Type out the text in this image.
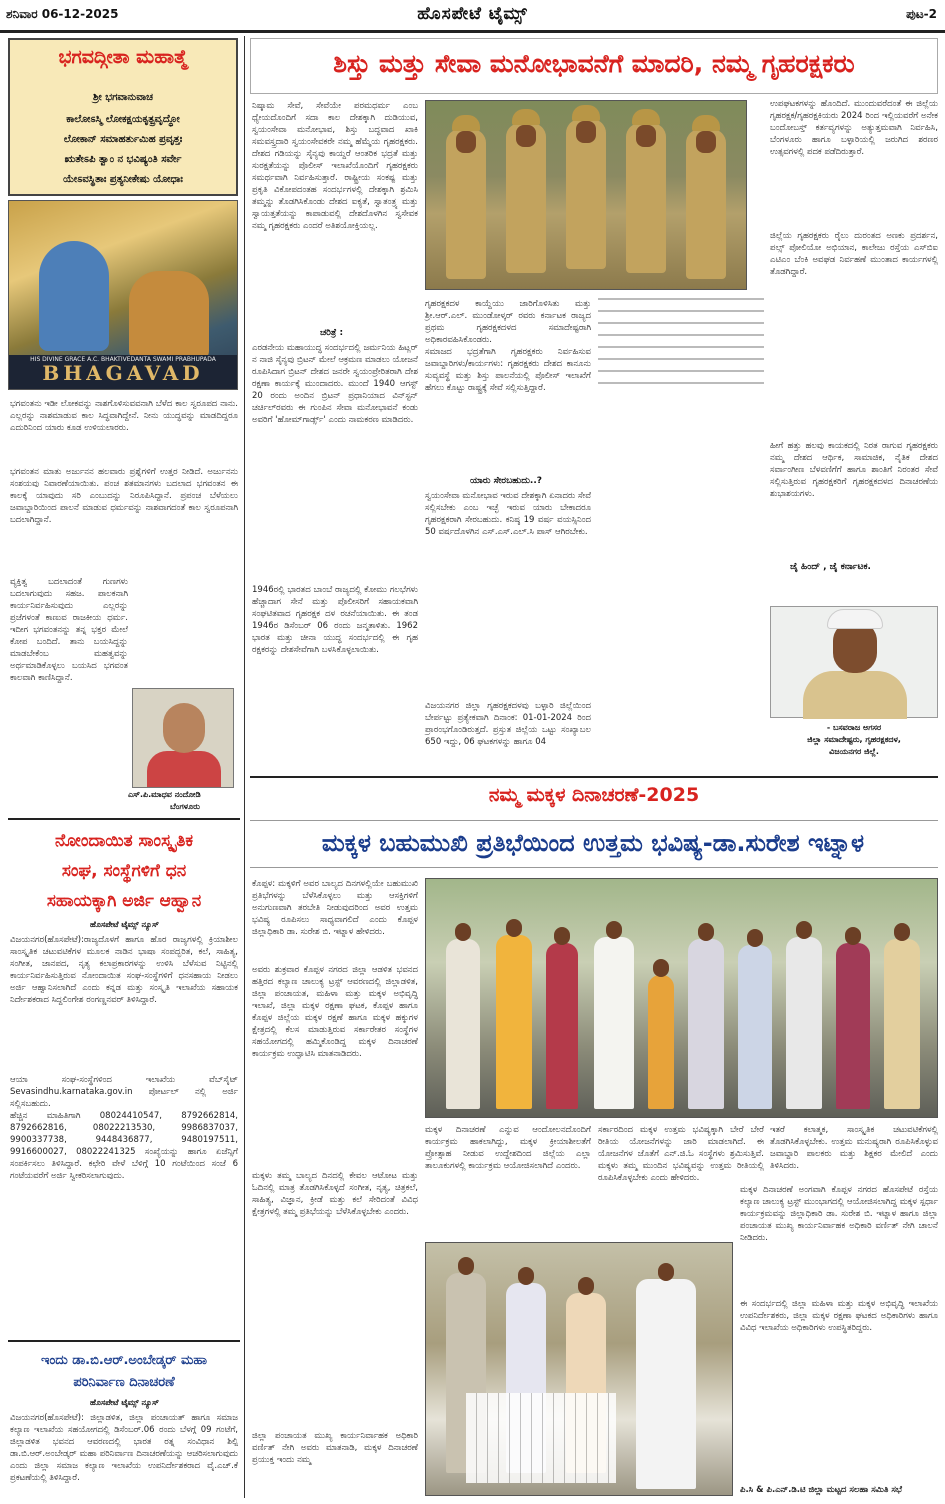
ಶನಿವಾರ 06-12-2025	ಹೊಸಪೇಟೆ ಟೈಮ್ಸ್	ಪುಟ-2
ಭಗವದ್ಗೀತಾ ಮಹಾತ್ಮೆ
ಶ್ರೀ ಭಗವಾನುವಾಚ
ಕಾಲೋಽಸ್ಮಿ ಲೋಕಕ್ಷಯಕೃತ್ಪ್ರವೃದ್ಧೋ
ಲೋಕಾನ್ ಸಮಾಹರ್ತುಮಿಹ ಪ್ರವೃತ್ತಃ
ಋತೇಽಪಿ ತ್ವಾಂ ನ ಭವಿಷ್ಯಂತಿ ಸರ್ವೇ
ಯೇಽವಸ್ಥಿತಾಃ ಪ್ರತ್ಯನೀಕೇಷು ಯೋಧಾಃ
HIS DIVINE GRACE A.C. BHAKTIVEDANTA SWAMI PRABHUPADA
BHAGAVAD
ಭಗವಂತನು ಇಡೀ ಲೋಕವನ್ನು ನಾಶಗೊಳಿಸುವವನಾಗಿ ಬೆಳೆದ ಕಾಲ ಸ್ವರೂಪದ ನಾನು. ಎಲ್ಲರನ್ನು ನಾಶಮಾಡುವ ಕಾಲ ಸಿದ್ಧವಾಗಿದ್ದೇನೆ. ನೀನು ಯುದ್ಧವನ್ನು ಮಾಡದಿದ್ದರೂ ಎದುರಿನಿಂದ ಯಾರು ಕೂಡ ಉಳಿಯಲಾರರು.
ಭಗವಂತನ ಮಾತು ಅರ್ಜುನನ ಹಲವಾರು ಪ್ರಶ್ನೆಗಳಿಗೆ ಉತ್ತರ ನೀಡಿದೆ. ಅರ್ಜುನನು ಸಂಶಯವು ನಿವಾರಣೆಯಾಯಿತು. ಪಂಚ ಶತಮಾನಗಳು ಬದಲಾದ ಭಗವಂತನ ಈ ಕಾಲಕ್ಕೆ ಯಾವುದು ಸರಿ ಎಂಬುದನ್ನು ನಿರೂಪಿಸಿದ್ದಾನೆ. ಪ್ರಪಂಚ ಬೆಳೆಯಲು ಜವಾಬ್ದಾರಿಯಿಂದ ಪಾಲನೆ ಮಾಡುವ ಧರ್ಮವನ್ನು ನಾಶವಾಗದಂತೆ ಕಾಲ ಸ್ವರೂಪನಾಗಿ ಬದಲಾಗಿದ್ದಾನೆ.
ವ್ಯಕ್ತಿತ್ವ ಬದಲಾದಂತೆ ಗುಣಗಳು ಬದಲಾಗುವುದು ಸಹಜ. ಪಾಲಕನಾಗಿ ಕಾರ್ಯನಿರ್ವಹಿಸುವುದು ಎಲ್ಲರನ್ನು ಪ್ರಜೆಗಳಂತೆ ಕಾಣುವ ರಾಜಕೀಯ ಧರ್ಮ. ಇದೀಗ ಭಗವಂತನನ್ನು ತನ್ನ ಭಕ್ತರ ಮೇಲೆ ಕೋಪ ಬಂದಿದೆ. ತಾನು ಬಯಸಿದ್ದನ್ನು ಮಾಡಬೇಕೆಂಬ ಮಹತ್ವವನ್ನು ಅರ್ಥಮಾಡಿಕೊಳ್ಳಲು ಬಯಸಿದ ಭಗವಂತ ಕಾಲವಾಗಿ ಕಾಣಿಸಿದ್ದಾನೆ.
ಎಸ್.ಪಿ.ಮಾಧವ ನಂದೋಡಿ
ಬೆಂಗಳೂರು
ನೋಂದಾಯಿತ ಸಾಂಸ್ಕೃತಿಕ
ಸಂಘ, ಸಂಸ್ಥೆಗಳಿಗೆ ಧನ
ಸಹಾಯಕ್ಕಾಗಿ ಅರ್ಜಿ ಆಹ್ವಾನ
ಹೊಸಪೇಟೆ ಟೈಮ್ಸ್ ನ್ಯೂಸ್
ವಿಜಯನಗರ(ಹೊಸಪೇಟೆ):ರಾಜ್ಯದೊಳಗೆ ಹಾಗೂ ಹೊರ ರಾಜ್ಯಗಳಲ್ಲಿ ಕ್ರಿಯಾಶೀಲ ಸಾಂಸ್ಕೃತಿಕ ಚಟುವಟಿಕೆಗಳ ಮೂಲಕ ನಾಡಿನ ಭಾಷಾ ಸಂಪದ್ಭರಿತ, ಕಲೆ, ಸಾಹಿತ್ಯ, ಸಂಗೀತ, ಜಾನಪದ, ನೃತ್ಯ ಕಲಾಪ್ರಕಾರಗಳನ್ನು ಉಳಿಸಿ ಬೆಳೆಸುವ ನಿಟ್ಟಿನಲ್ಲಿ ಕಾರ್ಯನಿರ್ವಹಿಸುತ್ತಿರುವ ನೋಂದಾಯಿತ ಸಂಘ-ಸಂಸ್ಥೆಗಳಿಗೆ ಧನಸಹಾಯ ನೀಡಲು ಅರ್ಜಿ ಆಹ್ವಾನಿಸಲಾಗಿದೆ ಎಂದು ಕನ್ನಡ ಮತ್ತು ಸಂಸ್ಕೃತಿ ಇಲಾಖೆಯ ಸಹಾಯಕ ನಿರ್ದೇಶಕರಾದ ಸಿದ್ದಲಿಂಗೇಶ ರಂಗಣ್ಣನವರ್ ತಿಳಿಸಿದ್ದಾರೆ.
ಆಯಾ ಸಂಘ-ಸಂಸ್ಥೆಗಳಿಂದ ಇಲಾಖೆಯ ವೆಬ್‌ಸೈಟ್ Sevasindhu.karnataka.gov.in ಪೋರ್ಟಲ್ ನಲ್ಲಿ ಅರ್ಜಿ ಸಲ್ಲಿಸಬಹುದು.
ಹೆಚ್ಚಿನ ಮಾಹಿತಿಗಾಗಿ 08024410547, 8792662814, 8792662816, 08022213530, 9986837037, 9900337738, 9448436877, 9480197511, 9916600027, 08022241325 ಸಂಖ್ಯೆಯನ್ನು ಹಾಗೂ ಏಜೆನ್ಸಿಗೆ ಸಂಪರ್ಕಿಸಲು ತಿಳಿಸಿದ್ದಾರೆ. ಕಛೇರಿ ವೇಳೆ ಬೆಳಿಗ್ಗೆ 10 ಗಂಟೆಯಿಂದ ಸಂಜೆ 6 ಗಂಟೆಯವರೆಗೆ ಅರ್ಜಿ ಸ್ವೀಕರಿಸಲಾಗುವುದು.
ಇಂದು ಡಾ.ಬಿ.ಆರ್.ಅಂಬೇಡ್ಕರ್ ಮಹಾ
ಪರಿನಿರ್ವಾಣ ದಿನಾಚರಣೆ
ಹೊಸಪೇಟೆ ಟೈಮ್ಸ್ ನ್ಯೂಸ್
ವಿಜಯನಗರ(ಹೊಸಪೇಟೆ): ಜಿಲ್ಲಾಡಳಿತ, ಜಿಲ್ಲಾ ಪಂಚಾಯತ್ ಹಾಗೂ ಸಮಾಜ ಕಲ್ಯಾಣ ಇಲಾಖೆಯ ಸಹಯೋಗದಲ್ಲಿ ಡಿಸೆಂಬರ್.06 ರಂದು ಬೆಳಗ್ಗೆ 09 ಗಂಟೆಗೆ, ಜಿಲ್ಲಾಡಳಿತ ಭವನದ ಆವರಣದಲ್ಲಿ ಭಾರತ ರತ್ನ ಸಂವಿಧಾನ ಶಿಲ್ಪಿ ಡಾ.ಬಿ.ಆರ್.ಅಂಬೇಡ್ಕರ್ ಮಹಾ ಪರಿನಿರ್ವಾಣ ದಿನಾಚರಣೆಯನ್ನು ಆಚರಿಸಲಾಗುವುದು ಎಂದು ಜಿಲ್ಲಾ ಸಮಾಜ ಕಲ್ಯಾಣ ಇಲಾಖೆಯ ಉಪನಿರ್ದೇಶಕರಾದ ವೈ.ಎಚ್.ಕೆ ಪ್ರಕಟಣೆಯಲ್ಲಿ ತಿಳಿಸಿದ್ದಾರೆ.
ಶಿಸ್ತು ಮತ್ತು ಸೇವಾ ಮನೋಭಾವನೆಗೆ ಮಾದರಿ, ನಮ್ಮ ಗೃಹರಕ್ಷಕರು
ನಿಷ್ಕಾಮ ಸೇವೆ, ಸೇವೆಯೇ ಪರಮಧರ್ಮ ಎಂಬ ಧ್ಯೇಯದೊಂದಿಗೆ ಸದಾ ಕಾಲ ದೇಶಕ್ಕಾಗಿ ದುಡಿಯುವ, ಸ್ವಯಂಸೇವಾ ಮನೋಭಾವ, ಶಿಸ್ತು ಬದ್ಧವಾದ ಖಾಕಿ ಸಮವಸ್ತ್ರದಾರಿ ಸ್ವಯಂಸೇವಕರೇ ನಮ್ಮ ಹೆಮ್ಮೆಯ ಗೃಹರಕ್ಷಕರು. ದೇಶದ ಗಡಿಯನ್ನು ಸೈನ್ಯವು ಕಾಯ್ದರೆ ಆಂತರಿಕ ಭದ್ರತೆ ಮತ್ತು ಸುರಕ್ಷತೆಯನ್ನು ಪೊಲೀಸ್ ಇಲಾಖೆಯೊಂದಿಗೆ ಗೃಹರಕ್ಷಕರು ಸಮರ್ಥವಾಗಿ ನಿರ್ವಹಿಸುತ್ತಾರೆ. ರಾಷ್ಟ್ರೀಯ ಸಂಕಷ್ಟ ಮತ್ತು ಪ್ರಕೃತಿ ವಿಕೋಪದಂತಹ ಸಂದರ್ಭಗಳಲ್ಲಿ ದೇಶಕ್ಕಾಗಿ ಶ್ರಮಿಸಿ ತಮ್ಮನ್ನು ತೊಡಗಿಸಿಕೊಂಡು ದೇಶದ ಐಕ್ಯತೆ, ಸ್ವಾತಂತ್ರ್ಯ ಮತ್ತು ಸ್ವಾಯತ್ತತೆಯನ್ನು ಕಾಪಾಡುವಲ್ಲಿ ದೇಶದೊಳಗಿನ ಸ್ವಸೇವಕ ನಮ್ಮ ಗೃಹರಕ್ಷಕರು ಎಂದರೆ ಅತಿಶಯೋಕ್ತಿಯಲ್ಲ.
ಚರಿತ್ರೆ :
ಎರಡನೇಯ ಮಹಾಯುದ್ಧ ಸಂದರ್ಭದಲ್ಲಿ ಜರ್ಮನಿಯ ಹಿಟ್ಲರ್ ನ ನಾಜಿ ಸೈನ್ಯವು ಬ್ರಿಟನ್ ಮೇಲೆ ಆಕ್ರಮಣ ಮಾಡಲು ಯೋಜನೆ ರೂಪಿಸಿದಾಗ ಬ್ರಿಟನ್ ದೇಶದ ಜನರೇ ಸ್ವಯಂಪ್ರೇರಿತರಾಗಿ ದೇಶ ರಕ್ಷಣಾ ಕಾರ್ಯಕ್ಕೆ ಮುಂದಾದರು. ಮುಂದೆ 1940 ಆಗಸ್ಟ್ 20 ರಂದು ಅಂದಿನ ಬ್ರಿಟನ್ ಪ್ರಧಾನಿಯಾದ ವಿನ್‌ಸ್ಟನ್ ಚರ್ಚಿಲ್‌ರವರು ಈ ಗುಂಪಿನ ಸೇವಾ ಮನೋಭಾವನೆ ಕಂಡು ಅವರಿಗೆ 'ಹೋಮ್‌ಗಾರ್ಡ್ಸ್' ಎಂದು ನಾಮಕರಣ ಮಾಡಿದರು.
1946ರಲ್ಲಿ ಭಾರತದ ಬಾಂಬೆ ರಾಜ್ಯದಲ್ಲಿ ಕೋಮು ಗಲಭೆಗಳು ಹೆಚ್ಚಾದಾಗ ಸೇನೆ ಮತ್ತು ಪೊಲೀಸರಿಗೆ ಸಹಾಯಕವಾಗಿ ಸಂಘಟಿತವಾದ ಗೃಹರಕ್ಷಕ ದಳ ರಚನೆಯಾಯಿತು. ಈ ತಂಡ 1946ರ ಡಿಸೆಂಬರ್ 06 ರಂದು ಜನ್ಮತಾಳಿತು. 1962 ಭಾರತ ಮತ್ತು ಚೀನಾ ಯುದ್ಧ ಸಂದರ್ಭದಲ್ಲಿ ಈ ಗೃಹ ರಕ್ಷಕರನ್ನು ದೇಶಸೇವೆಗಾಗಿ ಬಳಸಿಕೊಳ್ಳಲಾಯಿತು.
ಗೃಹರಕ್ಷಕದಳ ಕಾಯ್ದೆಯು ಜಾರಿಗೊಳಿಸಿತು ಮತ್ತು ಶ್ರೀ.ಆರ್.ಎಲ್. ಮುಂಡೋಳ್ಕರ್ ರವರು ಕರ್ನಾಟಕ ರಾಜ್ಯದ ಪ್ರಥಮ ಗೃಹರಕ್ಷಕದಳದ ಸಮಾದೇಷ್ಟರಾಗಿ ಅಧಿಕಾರವಹಿಸಿಕೊಂಡರು.
ಸಮಾಜದ ಭದ್ರತೆಗಾಗಿ ಗೃಹರಕ್ಷಕರು ನಿರ್ವಹಿಸುವ ಜವಾಬ್ದಾರಿಗಳು/ಕಾರ್ಯಗಳು: ಗೃಹರಕ್ಷಕರು ದೇಶದ ಕಾನೂನು ಸುವ್ಯವಸ್ಥೆ ಮತ್ತು ಶಿಸ್ತು ಪಾಲನೆಯಲ್ಲಿ ಪೊಲೀಸ್ ಇಲಾಖೆಗೆ ಹೆಗಲು ಕೊಟ್ಟು ರಾಷ್ಟ್ರಕ್ಕೆ ಸೇವೆ ಸಲ್ಲಿಸುತ್ತಿದ್ದಾರೆ.
ಯಾರು ಸೇರಬಹುದು..?
ಸ್ವಯಂಸೇವಾ ಮನೋಭಾವ ಇರುವ ದೇಶಕ್ಕಾಗಿ ಏನಾದರು ಸೇವೆ ಸಲ್ಲಿಸಬೇಕು ಎಂಬ ಇಚ್ಛೆ ಇರುವ ಯಾರು ಬೇಕಾದರೂ ಗೃಹರಕ್ಷಕರಾಗಿ ಸೇರಬಹುದು. ಕನಿಷ್ಠ 19 ವರ್ಷ ವಯಸ್ಸಿನಿಂದ 50 ವರ್ಷದೊಳಗಿನ ಎಸ್.ಎಸ್.ಎಲ್.ಸಿ ಪಾಸ್ ಆಗಿರಬೇಕು.
ವಿಜಯನಗರ ಜಿಲ್ಲಾ ಗೃಹರಕ್ಷಕದಳವು ಬಳ್ಳಾರಿ ಜಿಲ್ಲೆಯಿಂದ ಬೇರ್ಪಟ್ಟು ಪ್ರತ್ಯೇಕವಾಗಿ ದಿನಾಂಕ: 01-01-2024 ರಿಂದ ಪ್ರಾರಂಭಗೊಂಡಿರುತ್ತದೆ. ಪ್ರಸ್ತುತ ಜಿಲ್ಲೆಯ ಒಟ್ಟು ಸಂಖ್ಯಾಬಲ 650 ಇದ್ದು, 06 ಘಟಕಗಳನ್ನು ಹಾಗೂ 04
ಉಪಘಟಕಗಳನ್ನು ಹೊಂದಿದೆ. ಮುಂದುವರೆದಂತೆ ಈ ಜಿಲ್ಲೆಯ ಗೃಹರಕ್ಷಕ/ಗೃಹರಕ್ಷಕಿಯರು 2024 ರಿಂದ ಇಲ್ಲಿಯವರೆಗೆ ಅನೇಕ ಬಂದೋಬಸ್ತ್ ಕರ್ತವ್ಯಗಳನ್ನು ಅತ್ಯುತ್ತಮವಾಗಿ ನಿರ್ವಹಿಸಿ, ಬೆಂಗಳೂರು ಹಾಗೂ ಬಳ್ಳಾರಿಯಲ್ಲಿ ಜರುಗಿದ ಶರಣರ ಉತ್ಸವಗಳಲ್ಲಿ ಪದಕ ಪಡೆದಿರುತ್ತಾರೆ.
ಜಿಲ್ಲೆಯ ಗೃಹರಕ್ಷಕರು ರೈಲು ದುರಂತದ ಅಣಕು ಪ್ರದರ್ಶನ, ಪಲ್ಸ್ ಪೋಲಿಯೋ ಅಭಿಯಾನ, ಕಾಲೇಜು ರಸ್ತೆಯ ಎಸ್‌ಬಿಐ ಎಟಿಎಂ ಬೆಂಕಿ ಅವಘಡ ನಿರ್ವಹಣೆ ಮುಂತಾದ ಕಾರ್ಯಗಳಲ್ಲಿ ತೊಡಗಿದ್ದಾರೆ.
ಹೀಗೆ ಹತ್ತು ಹಲವು ಕಾಯಕದಲ್ಲಿ ನಿರತ ರಾಗುವ ಗೃಹರಕ್ಷಕರು ನಮ್ಮ ದೇಶದ ಆರ್ಥಿಕ, ಸಾಮಾಜಿಕ, ನೈತಿಕ ದೇಶದ ಸರ್ವಾಂಗೀಣ ಬೆಳವಣಿಗೆಗೆ ಹಾಗೂ ಶಾಂತಿಗೆ ನಿರಂತರ ಸೇವೆ ಸಲ್ಲಿಸುತ್ತಿರುವ ಗೃಹರಕ್ಷಕರಿಗೆ ಗೃಹರಕ್ಷಕದಳದ ದಿನಾಚರಣೆಯ ಶುಭಾಶಯಗಳು.
ಜೈ ಹಿಂದ್ , ಜೈ ಕರ್ನಾಟಕ.
- ಬಸವರಾಜ ಅಗಸರ
ಜಿಲ್ಲಾ ಸಮಾದೇಷ್ಟರು, ಗೃಹರಕ್ಷಕದಳ,
ವಿಜಯನಗರ ಜಿಲ್ಲೆ.
ನಮ್ಮ ಮಕ್ಕಳ ದಿನಾಚರಣೆ-2025
ಮಕ್ಕಳ ಬಹುಮುಖಿ ಪ್ರತಿಭೆಯಿಂದ ಉತ್ತಮ ಭವಿಷ್ಯ-ಡಾ.ಸುರೇಶ ಇಟ್ನಾಳ
ಕೊಪ್ಪಳ: ಮಕ್ಕಳಿಗೆ ಅವರ ಬಾಲ್ಯದ ದಿನಗಳಲ್ಲಿಯೇ ಬಹುಮುಖಿ ಪ್ರತಿಭೆಗಳನ್ನು ಬೆಳೆಸಿಕೊಳ್ಳಲು ಮತ್ತು ಆಸಕ್ತಿಗಳಿಗೆ ಅನುಗುಣವಾಗಿ ತರಬೇತಿ ನೀಡುವುದರಿಂದ ಅವರ ಉತ್ತಮ ಭವಿಷ್ಯ ರೂಪಿಸಲು ಸಾಧ್ಯವಾಗಲಿದೆ ಎಂದು ಕೊಪ್ಪಳ ಜಿಲ್ಲಾಧಿಕಾರಿ ಡಾ. ಸುರೇಶ ಬಿ. ಇಟ್ನಾಳ ಹೇಳಿದರು.
ಅವರು ಶುಕ್ರವಾರ ಕೊಪ್ಪಳ ನಗರದ ಜಿಲ್ಲಾ ಆಡಳಿತ ಭವನದ ಹತ್ತಿರದ ಕಲ್ಯಾಣ ಚಾಲುಕ್ಯ ಟ್ರಸ್ಟ್ ಆವರಣದಲ್ಲಿ ಜಿಲ್ಲಾಡಳಿತ, ಜಿಲ್ಲಾ ಪಂಚಾಯತ, ಮಹಿಳಾ ಮತ್ತು ಮಕ್ಕಳ ಅಭಿವೃದ್ಧಿ ಇಲಾಖೆ, ಜಿಲ್ಲಾ ಮಕ್ಕಳ ರಕ್ಷಣಾ ಘಟಕ, ಕೊಪ್ಪಳ ಹಾಗೂ ಕೊಪ್ಪಳ ಜಿಲ್ಲೆಯ ಮಕ್ಕಳ ರಕ್ಷಣೆ ಹಾಗೂ ಮಕ್ಕಳ ಹಕ್ಕುಗಳ ಕ್ಷೇತ್ರದಲ್ಲಿ ಕೆಲಸ ಮಾಡುತ್ತಿರುವ ಸರ್ಕಾರೇತರ ಸಂಸ್ಥೆಗಳ ಸಹಯೋಗದಲ್ಲಿ ಹಮ್ಮಿಕೊಂಡಿದ್ದ ಮಕ್ಕಳ ದಿನಾಚರಣೆ ಕಾರ್ಯಕ್ರಮ ಉದ್ಘಾಟಿಸಿ ಮಾತನಾಡಿದರು.
ಮಕ್ಕಳು ತಮ್ಮ ಬಾಲ್ಯದ ದಿನದಲ್ಲಿ ಕೇವಲ ಆಟೋಟ ಮತ್ತು ಓದಿನಲ್ಲಿ ಮಾತ್ರ ತೊಡಗಿಸಿಕೊಳ್ಳದೆ ಸಂಗೀತ, ನೃತ್ಯ, ಚಿತ್ರಕಲೆ, ಸಾಹಿತ್ಯ, ವಿಜ್ಞಾನ, ಕ್ರೀಡೆ ಮತ್ತು ಕಲೆ ಸೇರಿದಂತೆ ವಿವಿಧ ಕ್ಷೇತ್ರಗಳಲ್ಲಿ ತಮ್ಮ ಪ್ರತಿಭೆಯನ್ನು ಬೆಳೆಸಿಕೊಳ್ಳಬೇಕು ಎಂದರು.
ಜಿಲ್ಲಾ ಪಂಚಾಯತ ಮುಖ್ಯ ಕಾರ್ಯನಿರ್ವಾಹಕ ಅಧಿಕಾರಿ ವರ್ಣಿತ್ ನೇಗಿ ಅವರು ಮಾತನಾಡಿ, ಮಕ್ಕಳ ದಿನಾಚರಣೆ ಪ್ರಯುಕ್ತ ಇಂದು ನಮ್ಮ
ಮಕ್ಕಳ ದಿನಾಚರಣೆ ಎನ್ನುವ ಆಂದೋಲನದೊಂದಿಗೆ ಕಾರ್ಯಕ್ರಮ ಹಾಕಲಾಗಿದ್ದು, ಮಕ್ಕಳ ಕ್ರೀಯಾಶೀಲತೆಗೆ ಪ್ರೋತ್ಸಾಹ ನೀಡುವ ಉದ್ದೇಶದಿಂದ ಜಿಲ್ಲೆಯ ಎಲ್ಲಾ ತಾಲೂಕುಗಳಲ್ಲಿ ಕಾರ್ಯಕ್ರಮ ಆಯೋಜಿಸಲಾಗಿದೆ ಎಂದರು.
ಸರ್ಕಾರದಿಂದ ಮಕ್ಕಳ ಉತ್ತಮ ಭವಿಷ್ಯಕ್ಕಾಗಿ ಬೇರೆ ಬೇರೆ ರೀತಿಯ ಯೋಜನೆಗಳನ್ನು ಜಾರಿ ಮಾಡಲಾಗಿದೆ. ಈ ಯೋಜನೆಗಳ ಜೊತೆಗೆ ಎನ್.ಜಿ.ಓ ಸಂಸ್ಥೆಗಳು ಶ್ರಮಿಸುತ್ತಿವೆ. ಮಕ್ಕಳು ತಮ್ಮ ಮುಂದಿನ ಭವಿಷ್ಯವನ್ನು ಉತ್ತಮ ರೀತಿಯಲ್ಲಿ ರೂಪಿಸಿಕೊಳ್ಳಬೇಕು ಎಂದು ಹೇಳಿದರು.
ಇತರೆ ಕಲಾತ್ಮಕ, ಸಾಂಸ್ಕೃತಿಕ ಚಟುವಟಿಕೆಗಳಲ್ಲಿ ತೊಡಗಿಸಿಕೊಳ್ಳಬೇಕು. ಉತ್ತಮ ಮನುಷ್ಯರಾಗಿ ರೂಪಿಸಿಕೊಳ್ಳುವ ಜವಾಬ್ದಾರಿ ಪಾಲಕರು ಮತ್ತು ಶಿಕ್ಷಕರ ಮೇಲಿದೆ ಎಂದು ತಿಳಿಸಿದರು.
ಮಕ್ಕಳ ದಿನಾಚರಣೆ ಅಂಗವಾಗಿ ಕೊಪ್ಪಳ ನಗರದ ಹೊಸಪೇಟೆ ರಸ್ತೆಯ ಕಲ್ಯಾಣ ಚಾಲುಕ್ಯ ಟ್ರಸ್ಟ್ ಮುಂಭಾಗದಲ್ಲಿ ಆಯೋಜಿಸಲಾಗಿದ್ದ ಮಕ್ಕಳ ಸ್ಪರ್ಧಾ ಕಾರ್ಯಕ್ರಮವನ್ನು ಜಿಲ್ಲಾಧಿಕಾರಿ ಡಾ. ಸುರೇಶ ಬಿ. ಇಟ್ನಾಳ ಹಾಗೂ ಜಿಲ್ಲಾ ಪಂಚಾಯತ ಮುಖ್ಯ ಕಾರ್ಯನಿರ್ವಾಹಕ ಅಧಿಕಾರಿ ವರ್ಣಿತ್ ನೇಗಿ ಚಾಲನೆ ನೀಡಿದರು.
ಈ ಸಂದರ್ಭದಲ್ಲಿ ಜಿಲ್ಲಾ ಮಹಿಳಾ ಮತ್ತು ಮಕ್ಕಳ ಅಭಿವೃದ್ಧಿ ಇಲಾಖೆಯ ಉಪನಿರ್ದೇಶಕರು, ಜಿಲ್ಲಾ ಮಕ್ಕಳ ರಕ್ಷಣಾ ಘಟಕದ ಅಧಿಕಾರಿಗಳು ಹಾಗೂ ವಿವಿಧ ಇಲಾಖೆಯ ಅಧಿಕಾರಿಗಳು ಉಪಸ್ಥಿತರಿದ್ದರು.
ಪಿ.ಸಿ & ಪಿ.ಎನ್.ಡಿ.ಟಿ ಜಿಲ್ಲಾ ಮಟ್ಟದ ಸಲಹಾ ಸಮಿತಿ ಸಭೆ
